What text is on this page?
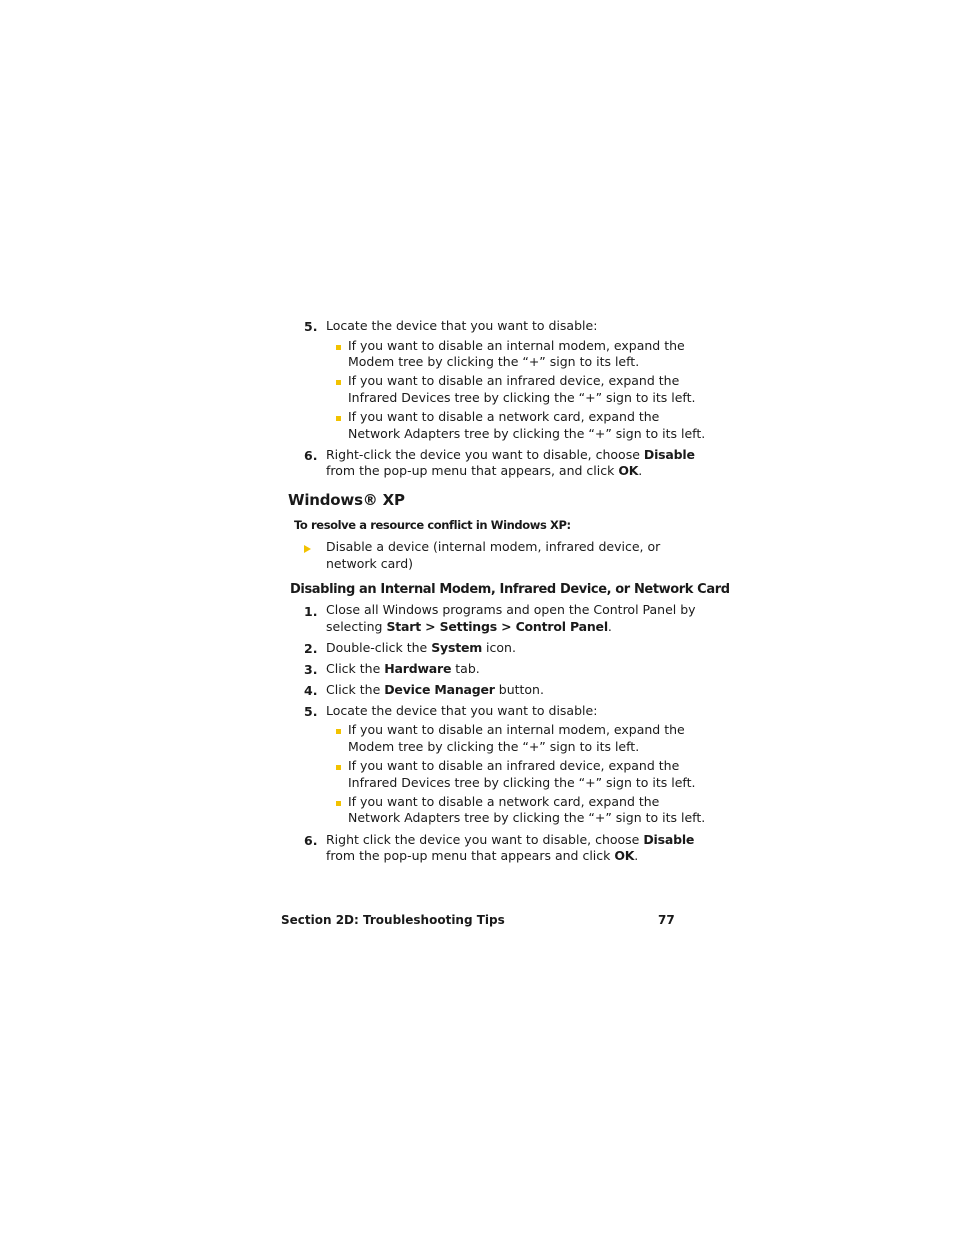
5. Locate the device that you want to disable:
If you want to disable an internal modem, expand the
Modem tree by clicking the “+” sign to its left.
If you want to disable an infrared device, expand the
Infrared Devices tree by clicking the “+” sign to its left.
If you want to disable a network card, expand the
Network Adapters tree by clicking the “+” sign to its left.
6. Right-click the device you want to disable, choose Disable
from the pop-up menu that appears, and click OK.
Windows® XP
To resolve a resource conflict in Windows XP:
Disable a device (internal modem, infrared device, or
network card)
Disabling an Internal Modem, Infrared Device, or Network Card
1. Close all Windows programs and open the Control Panel by
selecting Start > Settings > Control Panel.
2. Double-click the System icon.
3. Click the Hardware tab.
4. Click the Device Manager button.
5. Locate the device that you want to disable:
If you want to disable an internal modem, expand the
Modem tree by clicking the “+” sign to its left.
If you want to disable an infrared device, expand the
Infrared Devices tree by clicking the “+” sign to its left.
If you want to disable a network card, expand the
Network Adapters tree by clicking the “+” sign to its left.
6. Right click the device you want to disable, choose Disable
from the pop-up menu that appears and click OK.
Section 2D: Troubleshooting Tips	77
